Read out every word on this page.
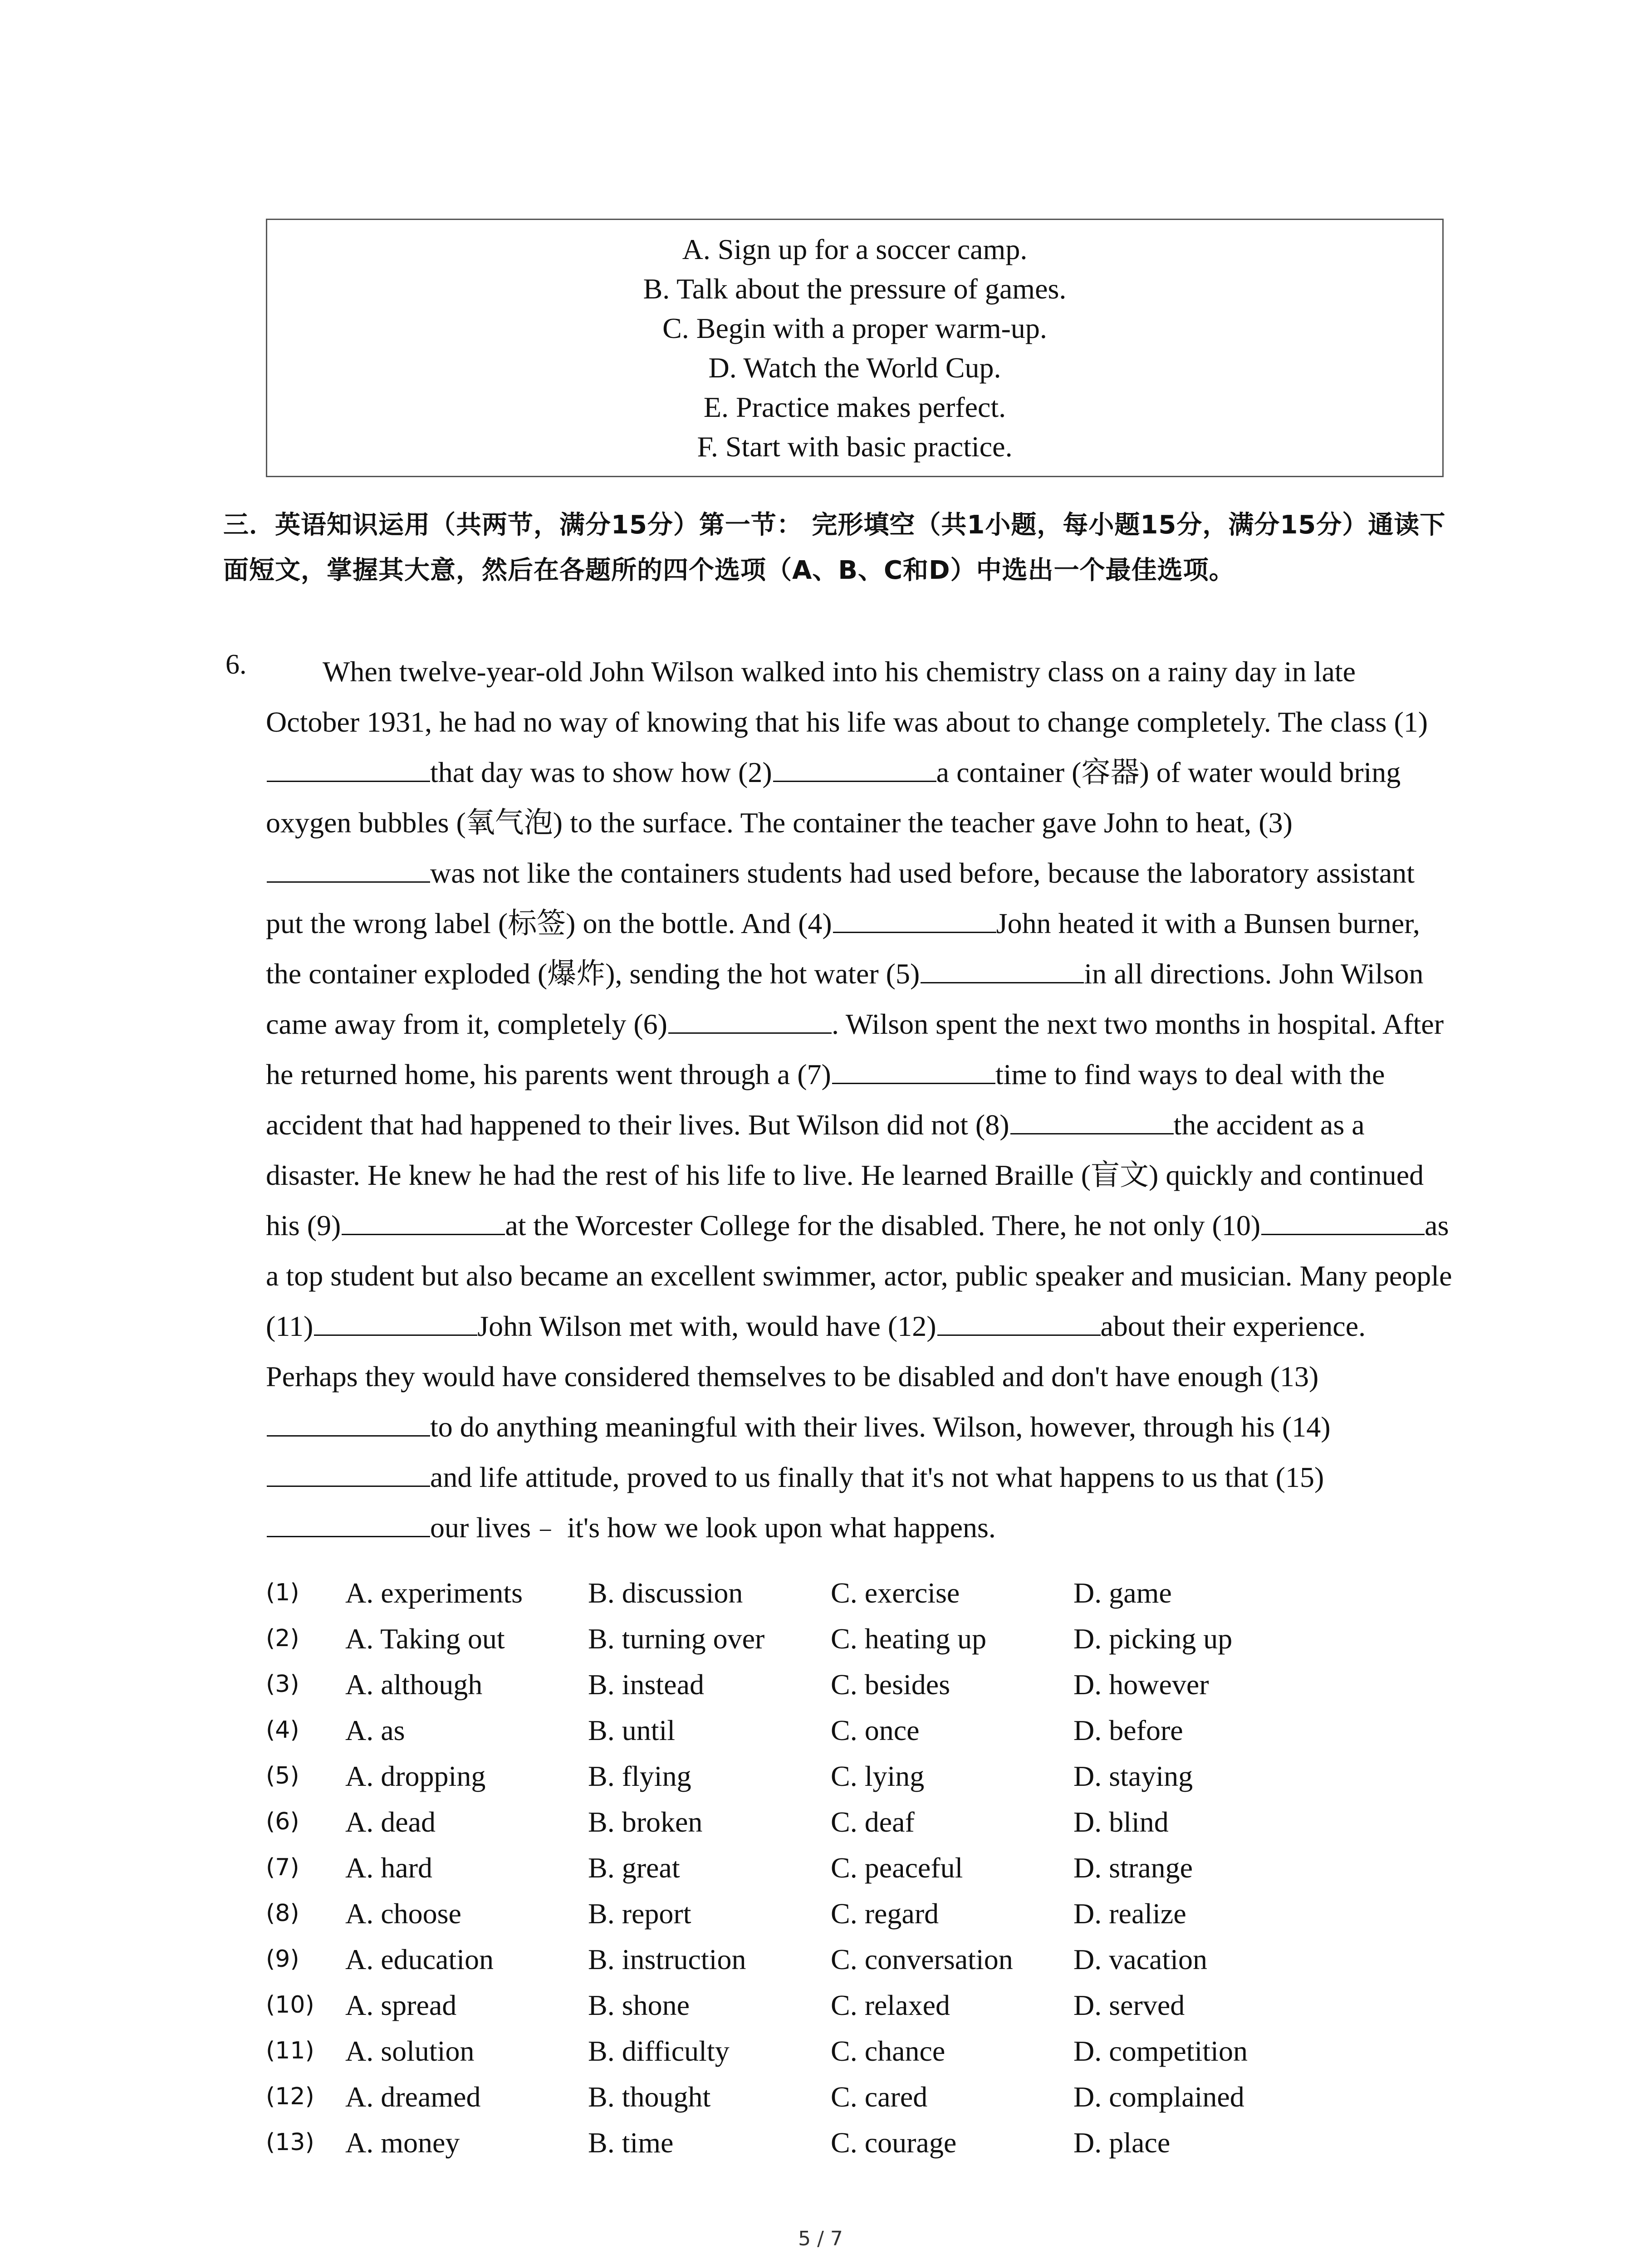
A. Sign up for a soccer camp.
B. Talk about the pressure of games.
C. Begin with a proper warm-up.
D. Watch the World Cup.
E. Practice makes perfect.
F. Start with basic practice.
三．英语知识运用（共两节，满分15分）第一节： 完形填空（共1小题，每小题15分，满分15分）通读下面短文，掌握其大意，然后在各题所的四个选项（A、B、C和D）中选出一个最佳选项。
6.	When twelve-year-old John Wilson walked into his chemistry class on a rainy day in late October 1931, he had no way of knowing that his life was about to change completely. The class (1)that day was to show how (2)	a container (容器) of water would bring oxygen bubbles (氧气泡) to the surface. The container the teacher gave John to heat, (3)was not like the containers students had used before, because the laboratory assistant put the wrong label (标签) on the bottle. And (4)	John heated it with a Bunsen burner, the container exploded (爆炸), sending the hot water (5)	in all directions. John Wilson came away from it, completely (6)	. Wilson spent the next two months in hospital. After he returned home, his parents went through a (7)	time to find ways to deal with the accident that had happened to their lives. But Wilson did not (8)	the accident as a disaster. He knew he had the rest of his life to live. He learned Braille (盲文) quickly and continued his (9)	at the Worcester College for the disabled. There, he not only (10)	as a top student but also became an excellent swimmer, actor, public speaker and musician. Many people (11)	John Wilson met with, would have (12)	about their experience. Perhaps they would have considered themselves to be disabled and don't have enough (13)to do anything meaningful with their lives. Wilson, however, through his (14)and life attitude, proved to us finally that it's not what happens to us that (15)our lives﹣ it's how we look upon what happens.
(1) A. experiments B. discussion	C. exercise	D. game
(2) A. Taking out	B. turning over C. heating up	D. picking up
(3) A. although	B. instead	C. besides	D. however
(4) A. as	B. until	C. once	D. before
(5) A. dropping	B. flying	C. lying	D. staying
(6) A. dead	B. broken	C. deaf	D. blind
(7) A. hard	B. great	C. peaceful	D. strange
(8) A. choose	B. report	C. regard	D. realize
(9) A. education	B. instruction	C. conversation D. vacation
(10) A. spread	B. shone	C. relaxed	D. served
(11) A. solution	B. difficulty	C. chance	D. competition
(12) A. dreamed	B. thought	C. cared	D. complained
(13) A. money	B. time	C. courage	D. place
5 / 7
